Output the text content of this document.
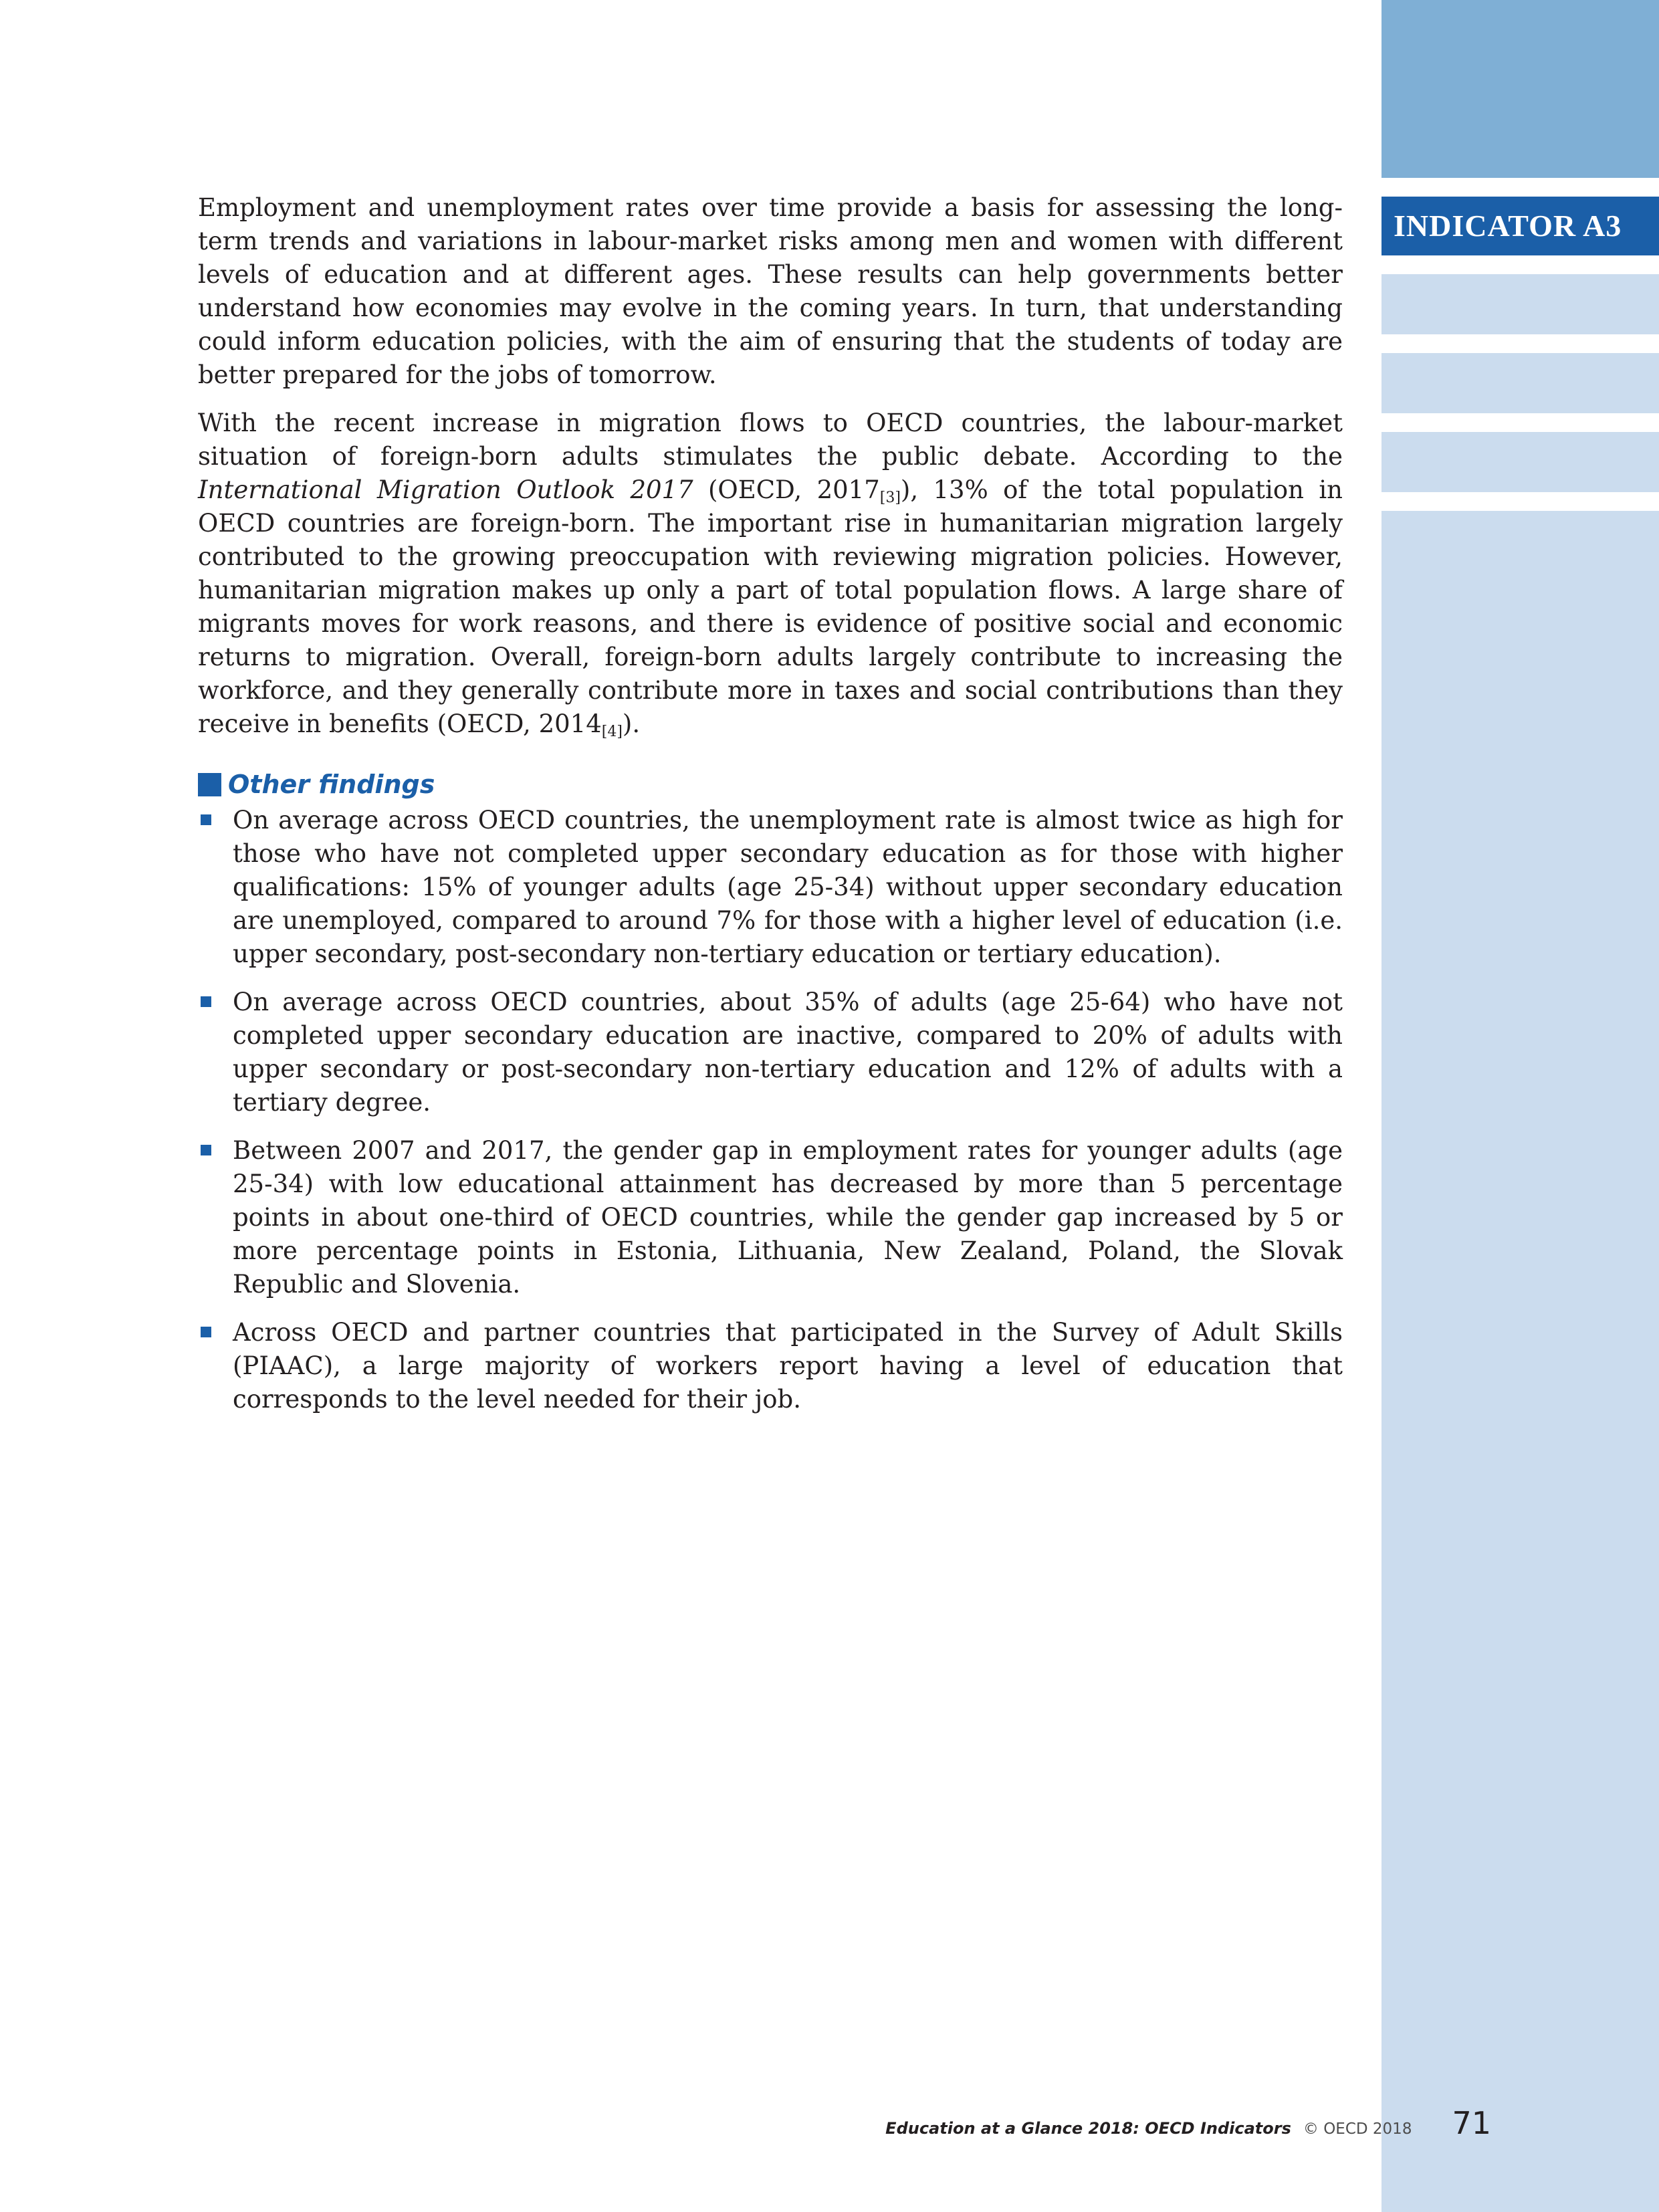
INDICATOR A3

Employment and unemployment rates over time provide a basis for assessing the long-term trends and variations in labour-market risks among men and women with different levels of education and at different ages. These results can help governments better understand how economies may evolve in the coming years. In turn, that understanding could inform education policies, with the aim of ensuring that the students of today are better prepared for the jobs of tomorrow.

With the recent increase in migration flows to OECD countries, the labour-market situation of foreign-born adults stimulates the public debate. According to the International Migration Outlook 2017 (OECD, $2017_{[3]}$), 13% of the total population in OECD countries are foreign-born. The important rise in humanitarian migration largely contributed to the growing preoccupation with reviewing migration policies. However, humanitarian migration makes up only a part of total population flows. A large share of migrants moves for work reasons, and there is evidence of positive social and economic returns to migration. Overall, foreign-born adults largely contribute to increasing the workforce, and they generally contribute more in taxes and social contributions than they receive in benefits (OECD, $2014_{[4]}$).

Other findings
On average across OECD countries, the unemployment rate is almost twice as high for those who have not completed upper secondary education as for those with higher qualifications: 15% of younger adults (age 25-34) without upper secondary education are unemployed, compared to around 7% for those with a higher level of education (i.e. upper secondary, post-secondary non-tertiary education or tertiary education).
On average across OECD countries, about 35% of adults (age 25-64) who have not completed upper secondary education are inactive, compared to 20% of adults with upper secondary or post-secondary non-tertiary education and 12% of adults with a tertiary degree.
Between 2007 and 2017, the gender gap in employment rates for younger adults (age 25-34) with low educational attainment has decreased by more than 5 percentage points in about one-third of OECD countries, while the gender gap increased by 5 or more percentage points in Estonia, Lithuania, New Zealand, Poland, the Slovak Republic and Slovenia.
Across OECD and partner countries that participated in the Survey of Adult Skills (PIAAC), a large majority of workers report having a level of education that corresponds to the level needed for their job.
Education at a Glance 2018: OECD Indicators © OECD 2018 71
